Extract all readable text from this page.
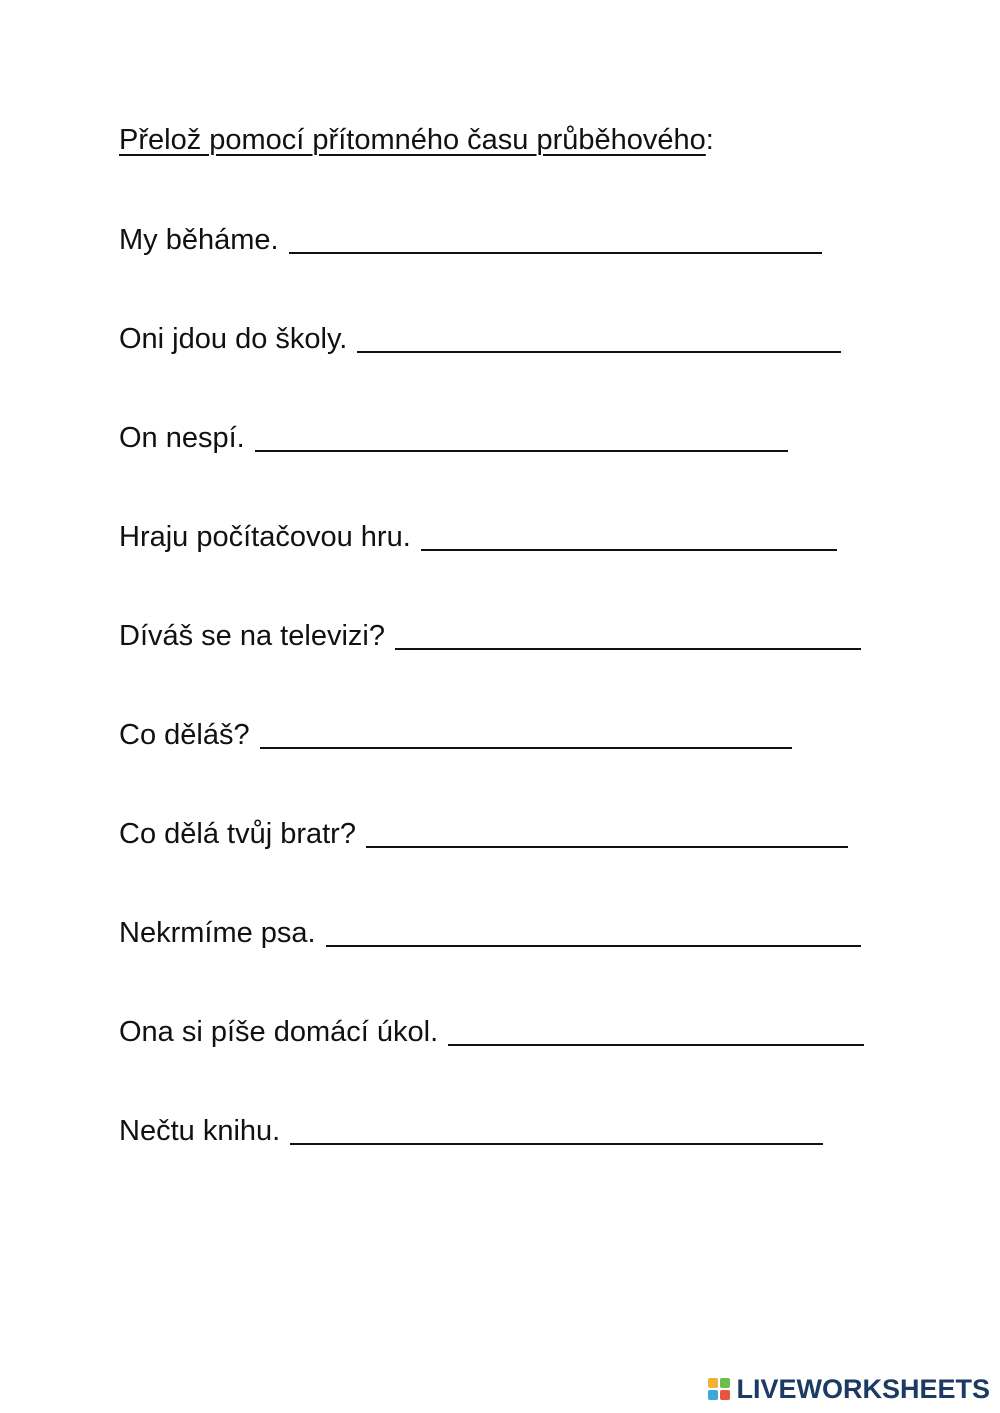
Přelož pomocí přítomného času průběhového:
My běháme.
Oni jdou do školy.
On nespí.
Hraju počítačovou hru.
Díváš se na televizi?
Co děláš?
Co dělá tvůj bratr?
Nekrmíme psa.
Ona si píše domácí úkol.
Nečtu knihu.
LIVEWORKSHEETS
